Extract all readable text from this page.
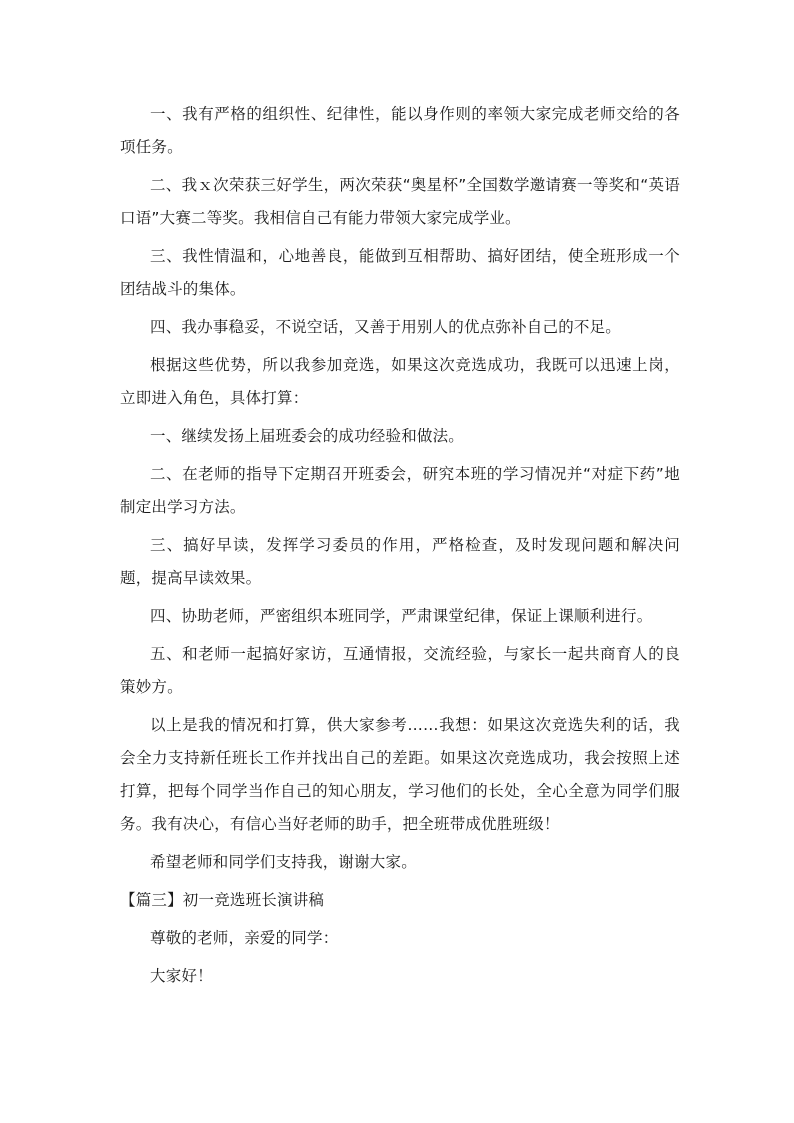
一、我有严格的组织性、纪律性，能以身作则的率领大家完成老师交给的各项任务。

二、我ｘ次荣获三好学生，两次荣获“奥星杯”全国数学邀请赛一等奖和“英语口语”大赛二等奖。我相信自己有能力带领大家完成学业。

三、我性情温和，心地善良，能做到互相帮助、搞好团结，使全班形成一个团结战斗的集体。

四、我办事稳妥，不说空话，又善于用别人的优点弥补自己的不足。

根据这些优势，所以我参加竞选，如果这次竞选成功，我既可以迅速上岗，立即进入角色，具体打算：

一、继续发扬上届班委会的成功经验和做法。

二、在老师的指导下定期召开班委会，研究本班的学习情况并“对症下药”地制定出学习方法。

三、搞好早读，发挥学习委员的作用，严格检查，及时发现问题和解决问题，提高早读效果。

四、协助老师，严密组织本班同学，严肃课堂纪律，保证上课顺利进行。

五、和老师一起搞好家访，互通情报，交流经验，与家长一起共商育人的良策妙方。

以上是我的情况和打算，供大家参考……我想：如果这次竞选失利的话，我会全力支持新任班长工作并找出自己的差距。如果这次竞选成功，我会按照上述打算，把每个同学当作自己的知心朋友，学习他们的长处，全心全意为同学们服务。我有决心，有信心当好老师的助手，把全班带成优胜班级！

希望老师和同学们支持我，谢谢大家。

【篇三】初一竞选班长演讲稿

尊敬的老师，亲爱的同学：

大家好！
